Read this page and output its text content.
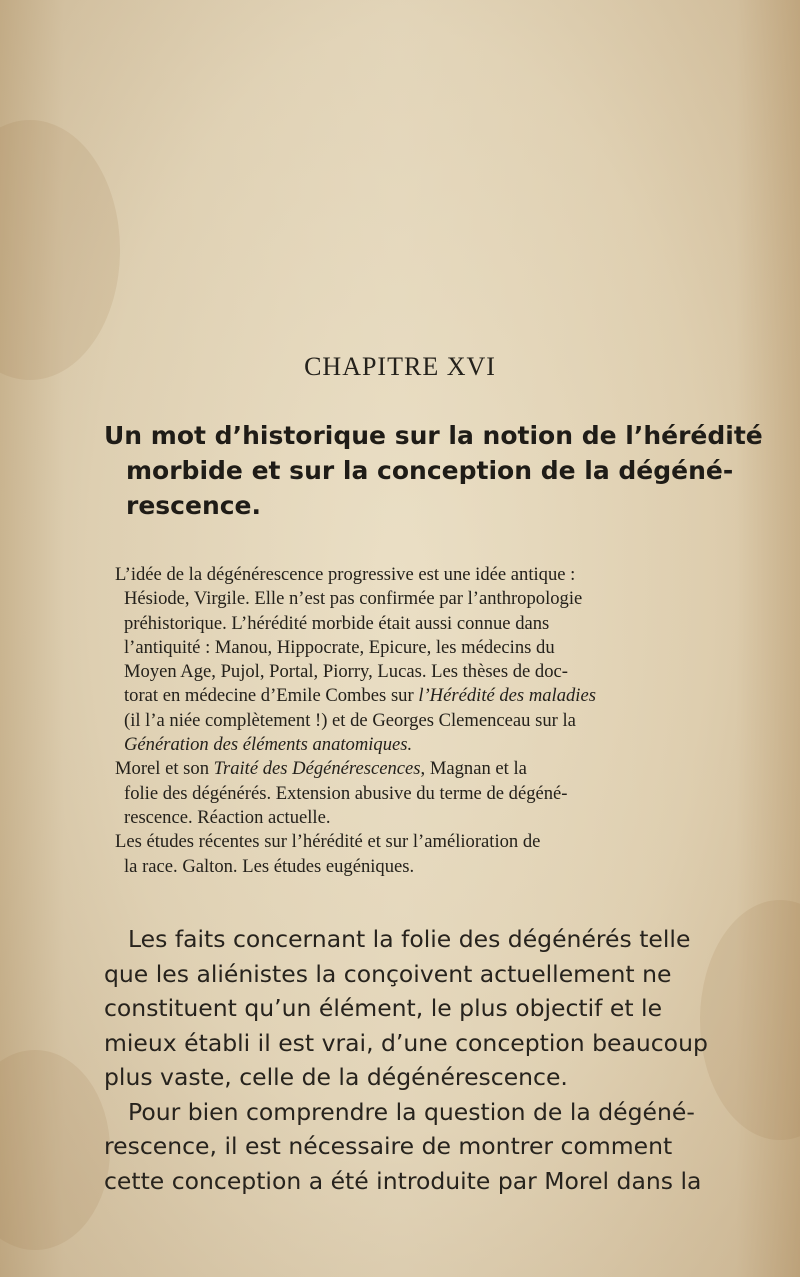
CHAPITRE XVI
Un mot d’historique sur la notion de l’hérédité
morbide et sur la conception de la dégéné-
rescence.
L’idée de la dégénérescence progressive est une idée antique :
Hésiode, Virgile. Elle n’est pas confirmée par l’anthropologie
préhistorique. L’hérédité morbide était aussi connue dans
l’antiquité : Manou, Hippocrate, Epicure, les médecins du
Moyen Age, Pujol, Portal, Piorry, Lucas. Les thèses de doc-
torat en médecine d’Emile Combes sur l’Hérédité des maladies
(il l’a niée complètement !) et de Georges Clemenceau sur la
Génération des éléments anatomiques.
Morel et son Traité des Dégénérescences, Magnan et la
folie des dégénérés. Extension abusive du terme de dégéné-
rescence. Réaction actuelle.
Les études récentes sur l’hérédité et sur l’amélioration de
la race. Galton. Les études eugéniques.
Les faits concernant la folie des dégénérés telle
que les aliénistes la conçoivent actuellement ne
constituent qu’un élément, le plus objectif et le
mieux établi il est vrai, d’une conception beaucoup
plus vaste, celle de la dégénérescence.
Pour bien comprendre la question de la dégéné-
rescence, il est nécessaire de montrer comment
cette conception a été introduite par Morel dans la
